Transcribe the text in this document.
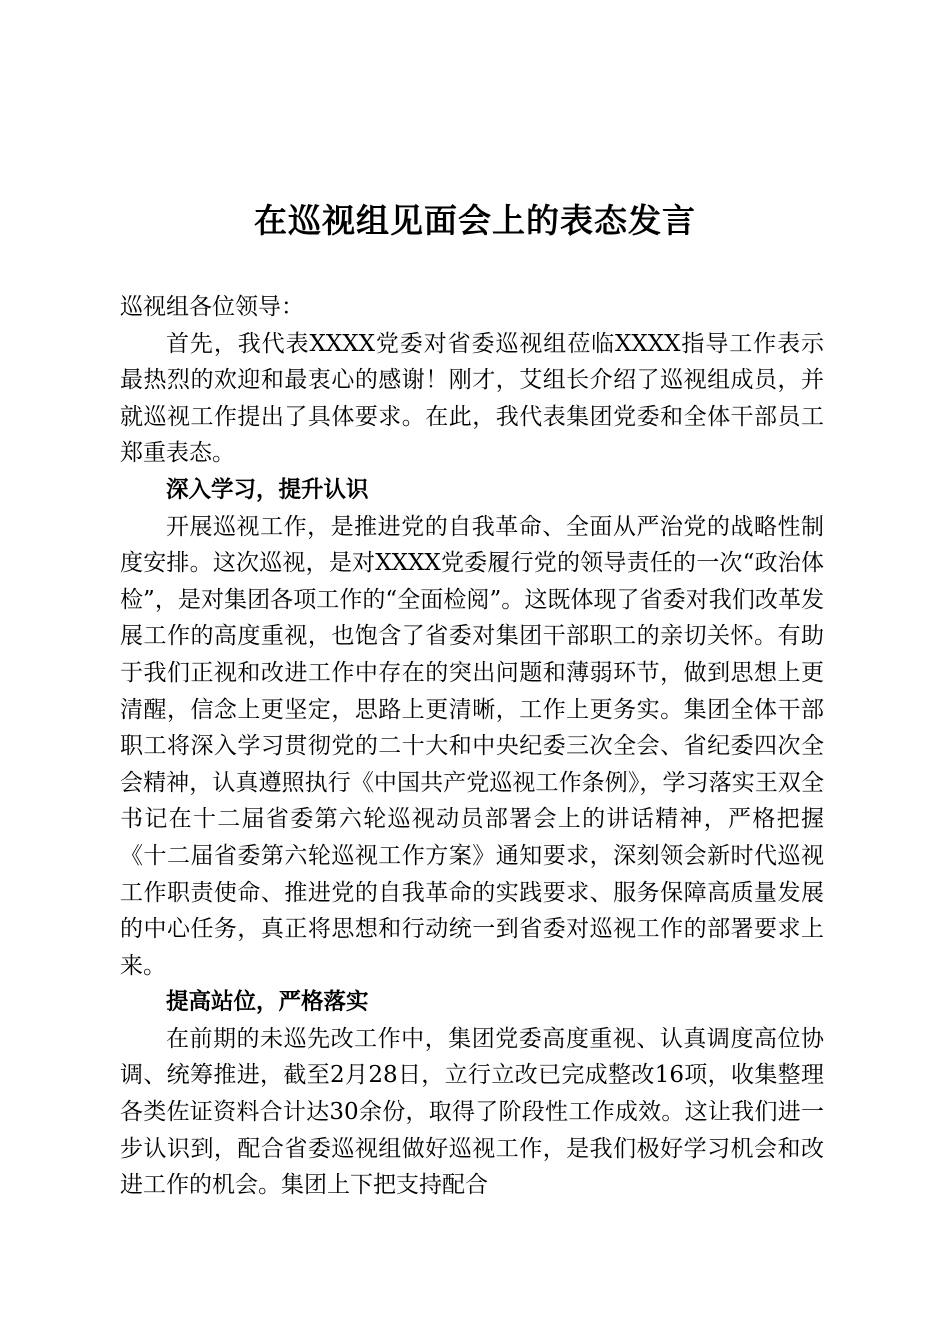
在巡视组见面会上的表态发言

巡视组各位领导：

首先，我代表XXXX党委对省委巡视组莅临XXXX指导工作表示最热烈的欢迎和最衷心的感谢！刚才，艾组长介绍了巡视组成员，并就巡视工作提出了具体要求。在此，我代表集团党委和全体干部员工郑重表态。

深入学习，提升认识

开展巡视工作，是推进党的自我革命、全面从严治党的战略性制度安排。这次巡视，是对XXXX党委履行党的领导责任的一次“政治体检”，是对集团各项工作的“全面检阅”。这既体现了省委对我们改革发展工作的高度重视，也饱含了省委对集团干部职工的亲切关怀。有助于我们正视和改进工作中存在的突出问题和薄弱环节，做到思想上更清醒，信念上更坚定，思路上更清晰，工作上更务实。集团全体干部职工将深入学习贯彻党的二十大和中央纪委三次全会、省纪委四次全会精神，认真遵照执行《中国共产党巡视工作条例》，学习落实王双全书记在十二届省委第六轮巡视动员部署会上的讲话精神，严格把握《十二届省委第六轮巡视工作方案》通知要求，深刻领会新时代巡视工作职责使命、推进党的自我革命的实践要求、服务保障高质量发展的中心任务，真正将思想和行动统一到省委对巡视工作的部署要求上来。

提高站位，严格落实

在前期的未巡先改工作中，集团党委高度重视、认真调度高位协调、统筹推进，截至2月28日，立行立改已完成整改16项，收集整理各类佐证资料合计达30余份，取得了阶段性工作成效。这让我们进一步认识到，配合省委巡视组做好巡视工作，是我们极好学习机会和改进工作的机会。集团上下把支持配合
